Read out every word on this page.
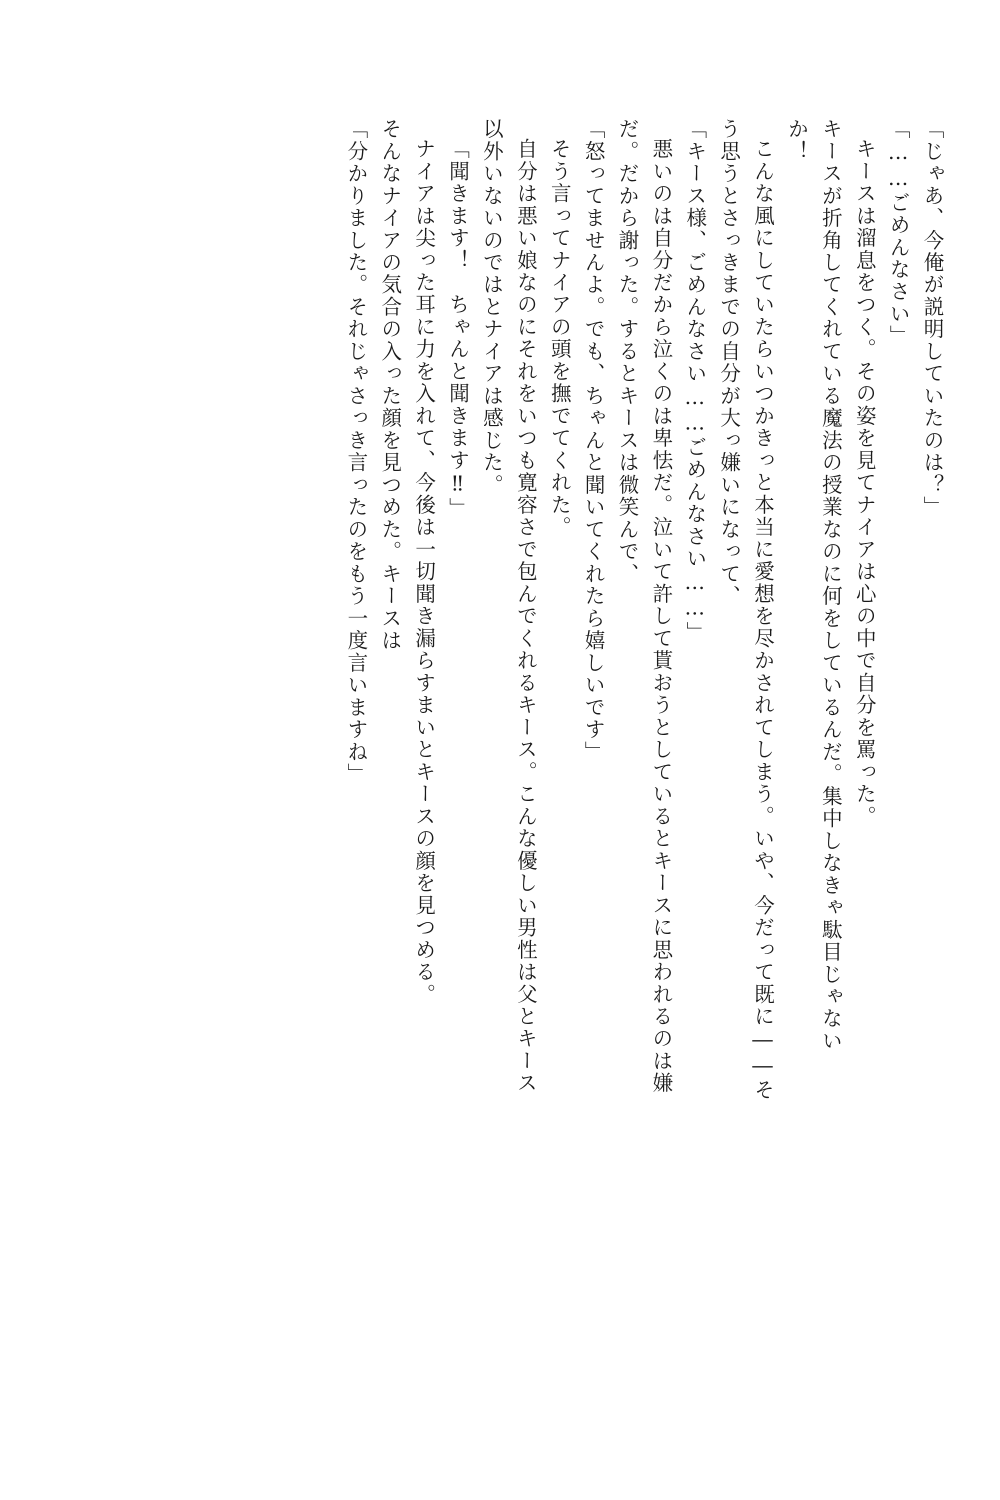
「じゃあ、今俺が説明していたのは？」
「……ごめんなさい」
キースは溜息をつく。その姿を見てナイアは心の中で自分を罵った。
キースが折角してくれている魔法の授業なのに何をしているんだ。集中しなきゃ駄目じゃない
か！
こんな風にしていたらいつかきっと本当に愛想を尽かされてしまう。いや、今だって既に――そ
う思うとさっきまでの自分が大っ嫌いになって、
「キース様、ごめんなさい……ごめんなさい……」
悪いのは自分だから泣くのは卑怯だ。泣いて許して貰おうとしているとキースに思われるのは嫌
だ。だから謝った。するとキースは微笑んで、
「怒ってませんよ。でも、ちゃんと聞いてくれたら嬉しいです」
そう言ってナイアの頭を撫でてくれた。
自分は悪い娘なのにそれをいつも寛容さで包んでくれるキース。こんな優しい男性は父とキース
以外いないのではとナイアは感じた。
「聞きます！　ちゃんと聞きます‼」
ナイアは尖った耳に力を入れて、今後は一切聞き漏らすまいとキースの顔を見つめる。
そんなナイアの気合の入った顔を見つめた。キースは
「分かりました。それじゃさっき言ったのをもう一度言いますね」
